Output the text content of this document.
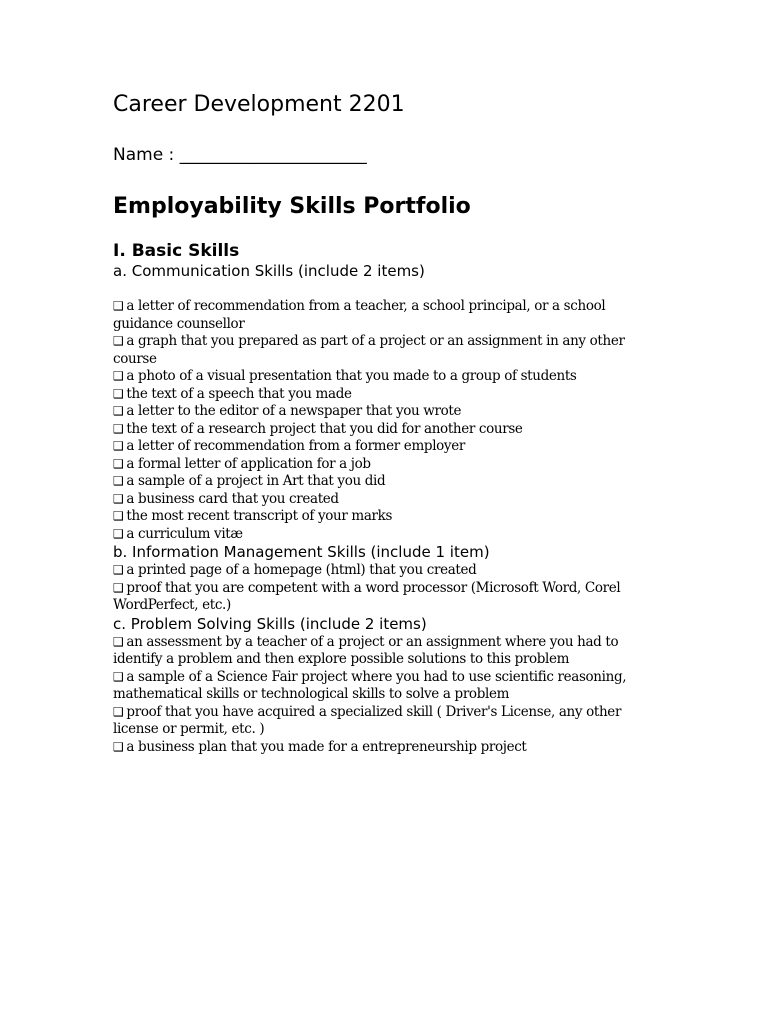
Career Development 2201

Name : ______________________

Employability Skills Portfolio
I. Basic Skills

a. Communication Skills (include 2 items)

❑ a letter of recommendation from a teacher, a school principal, or a school guidance counsellor
❑ a graph that you prepared as part of a project or an assignment in any other course
❑ a photo of a visual presentation that you made to a group of students
❑ the text of a speech that you made
❑ a letter to the editor of a newspaper that you wrote
❑ the text of a research project that you did for another course
❑ a letter of recommendation from a former employer
❑ a formal letter of application for a job
❑ a sample of a project in Art that you did
❑ a business card that you created
❑ the most recent transcript of your marks
❑ a curriculum vitæ

b. Information Management Skills (include 1 item)

❑ a printed page of a homepage (html) that you created
❑ proof that you are competent with a word processor (Microsoft Word, Corel WordPerfect, etc.)

c. Problem Solving Skills (include 2 items)

❑ an assessment by a teacher of a project or an assignment where you had to identify a problem and then explore possible solutions to this problem
❑ a sample of a Science Fair project where you had to use scientific reasoning, mathematical skills or technological skills to solve a problem
❑ proof that you have acquired a specialized skill ( Driver's License, any other license or permit, etc. )
❑ a business plan that you made for a entrepreneurship project
